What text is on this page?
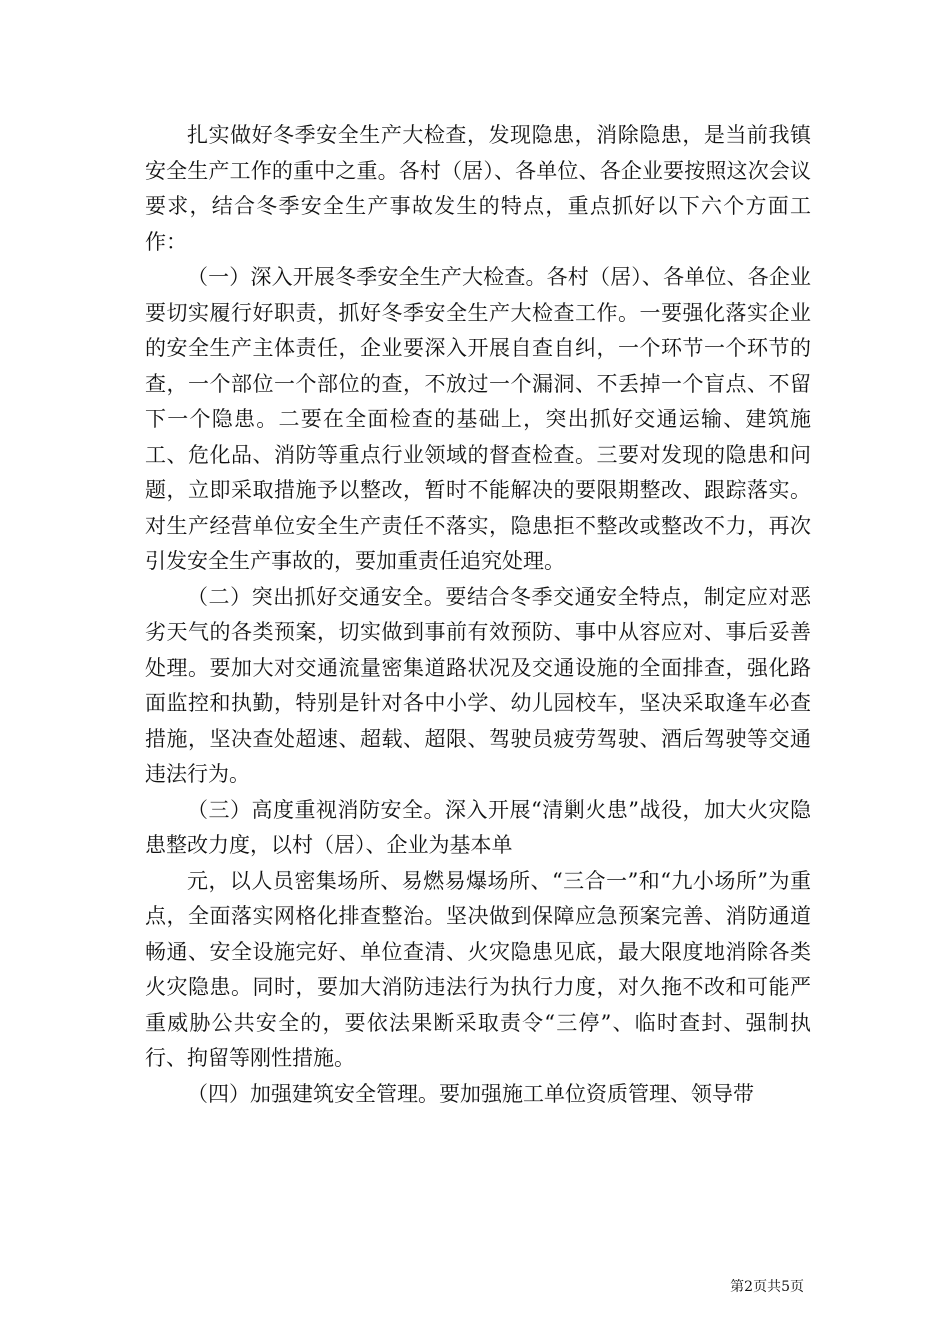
扎实做好冬季安全生产大检查，发现隐患，消除隐患，是当前我镇安全生产工作的重中之重。各村（居）、各单位、各企业要按照这次会议要求，结合冬季安全生产事故发生的特点，重点抓好以下六个方面工作：

（一）深入开展冬季安全生产大检查。各村（居）、各单位、各企业要切实履行好职责，抓好冬季安全生产大检查工作。一要强化落实企业的安全生产主体责任，企业要深入开展自查自纠，一个环节一个环节的查，一个部位一个部位的查，不放过一个漏洞、不丢掉一个盲点、不留下一个隐患。二要在全面检查的基础上，突出抓好交通运输、建筑施工、危化品、消防等重点行业领域的督查检查。三要对发现的隐患和问题，立即采取措施予以整改，暂时不能解决的要限期整改、跟踪落实。对生产经营单位安全生产责任不落实，隐患拒不整改或整改不力，再次引发安全生产事故的，要加重责任追究处理。

（二）突出抓好交通安全。要结合冬季交通安全特点，制定应对恶劣天气的各类预案，切实做到事前有效预防、事中从容应对、事后妥善处理。要加大对交通流量密集道路状况及交通设施的全面排查，强化路面监控和执勤，特别是针对各中小学、幼儿园校车，坚决采取逢车必查措施，坚决查处超速、超载、超限、驾驶员疲劳驾驶、酒后驾驶等交通违法行为。

（三）高度重视消防安全。深入开展“清剿火患”战役，加大火灾隐患整改力度，以村（居）、企业为基本单

元，以人员密集场所、易燃易爆场所、“三合一”和“九小场所”为重点，全面落实网格化排查整治。坚决做到保障应急预案完善、消防通道畅通、安全设施完好、单位查清、火灾隐患见底，最大限度地消除各类火灾隐患。同时，要加大消防违法行为执行力度，对久拖不改和可能严重威胁公共安全的，要依法果断采取责令“三停”、临时查封、强制执行、拘留等刚性措施。

（四）加强建筑安全管理。要加强施工单位资质管理、领导带

第2页共5页
